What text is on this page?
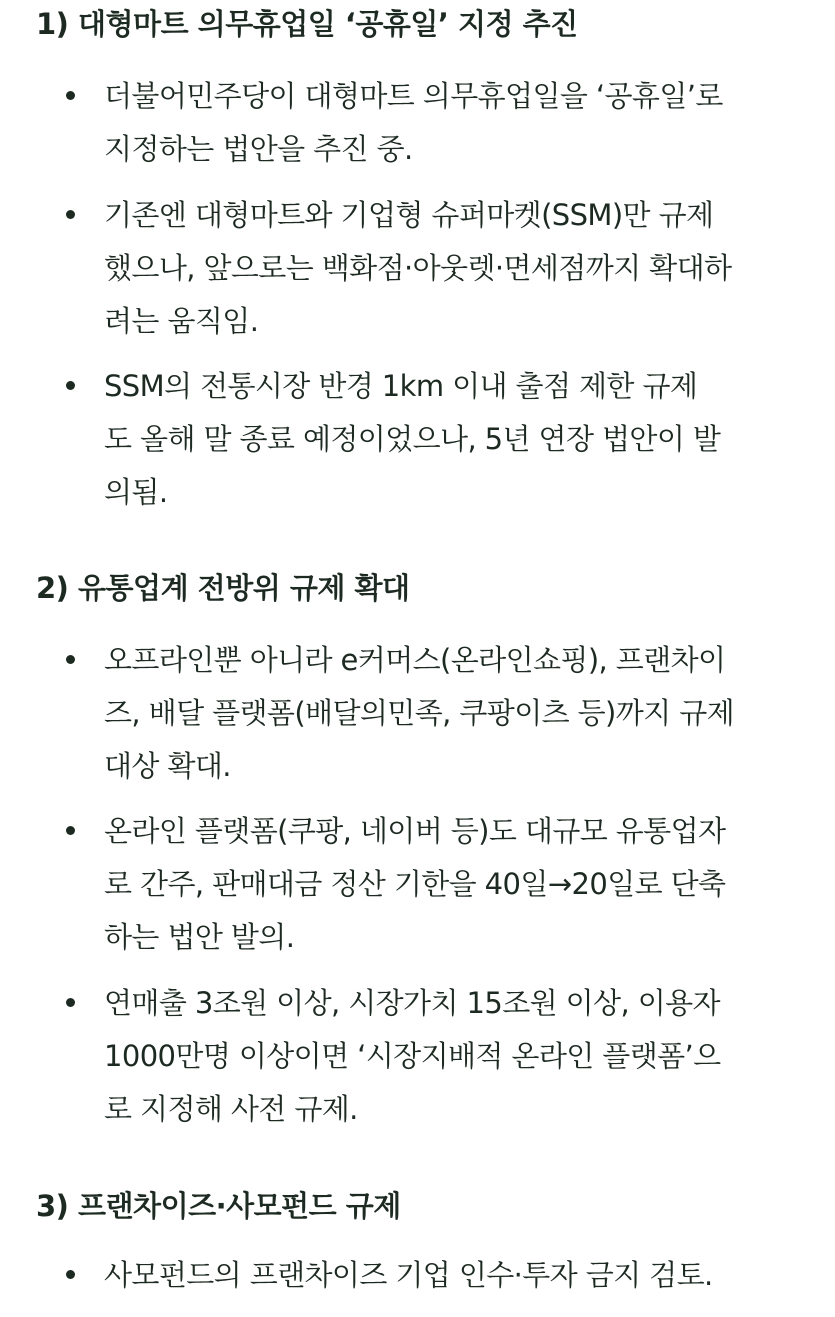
1) 대형마트 의무휴업일 ‘공휴일’ 지정 추진
더불어민주당이 대형마트 의무휴업일을 ‘공휴일’로
지정하는 법안을 추진 중.
기존엔 대형마트와 기업형 슈퍼마켓(SSM)만 규제
했으나, 앞으로는 백화점·아웃렛·면세점까지 확대하
려는 움직임.
SSM의 전통시장 반경 1km 이내 출점 제한 규제
도 올해 말 종료 예정이었으나, 5년 연장 법안이 발
의됨.
2) 유통업계 전방위 규제 확대
오프라인뿐 아니라 e커머스(온라인쇼핑), 프랜차이
즈, 배달 플랫폼(배달의민족, 쿠팡이츠 등)까지 규제
대상 확대.
온라인 플랫폼(쿠팡, 네이버 등)도 대규모 유통업자
로 간주, 판매대금 정산 기한을 40일→20일로 단축
하는 법안 발의.
연매출 3조원 이상, 시장가치 15조원 이상, 이용자
1000만명 이상이면 ‘시장지배적 온라인 플랫폼’으
로 지정해 사전 규제.
3) 프랜차이즈·사모펀드 규제
사모펀드의 프랜차이즈 기업 인수·투자 금지 검토.
